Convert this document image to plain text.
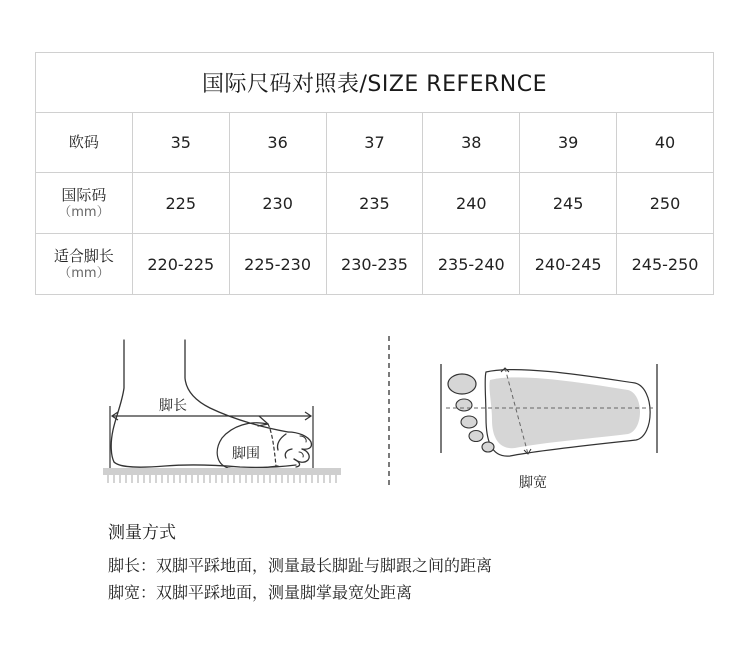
国际尺码对照表/SIZE REFERNCE						
欧码	35	36	37	38	39	40
国际码
（mm）	225	230	235	240	245	250
适合脚长
（mm）	220-225	225-230	230-235	235-240	240-245	245-250
脚长
脚围
脚宽
测量方式
脚长：双脚平踩地面，测量最长脚趾与脚跟之间的距离
脚宽：双脚平踩地面，测量脚掌最宽处距离
